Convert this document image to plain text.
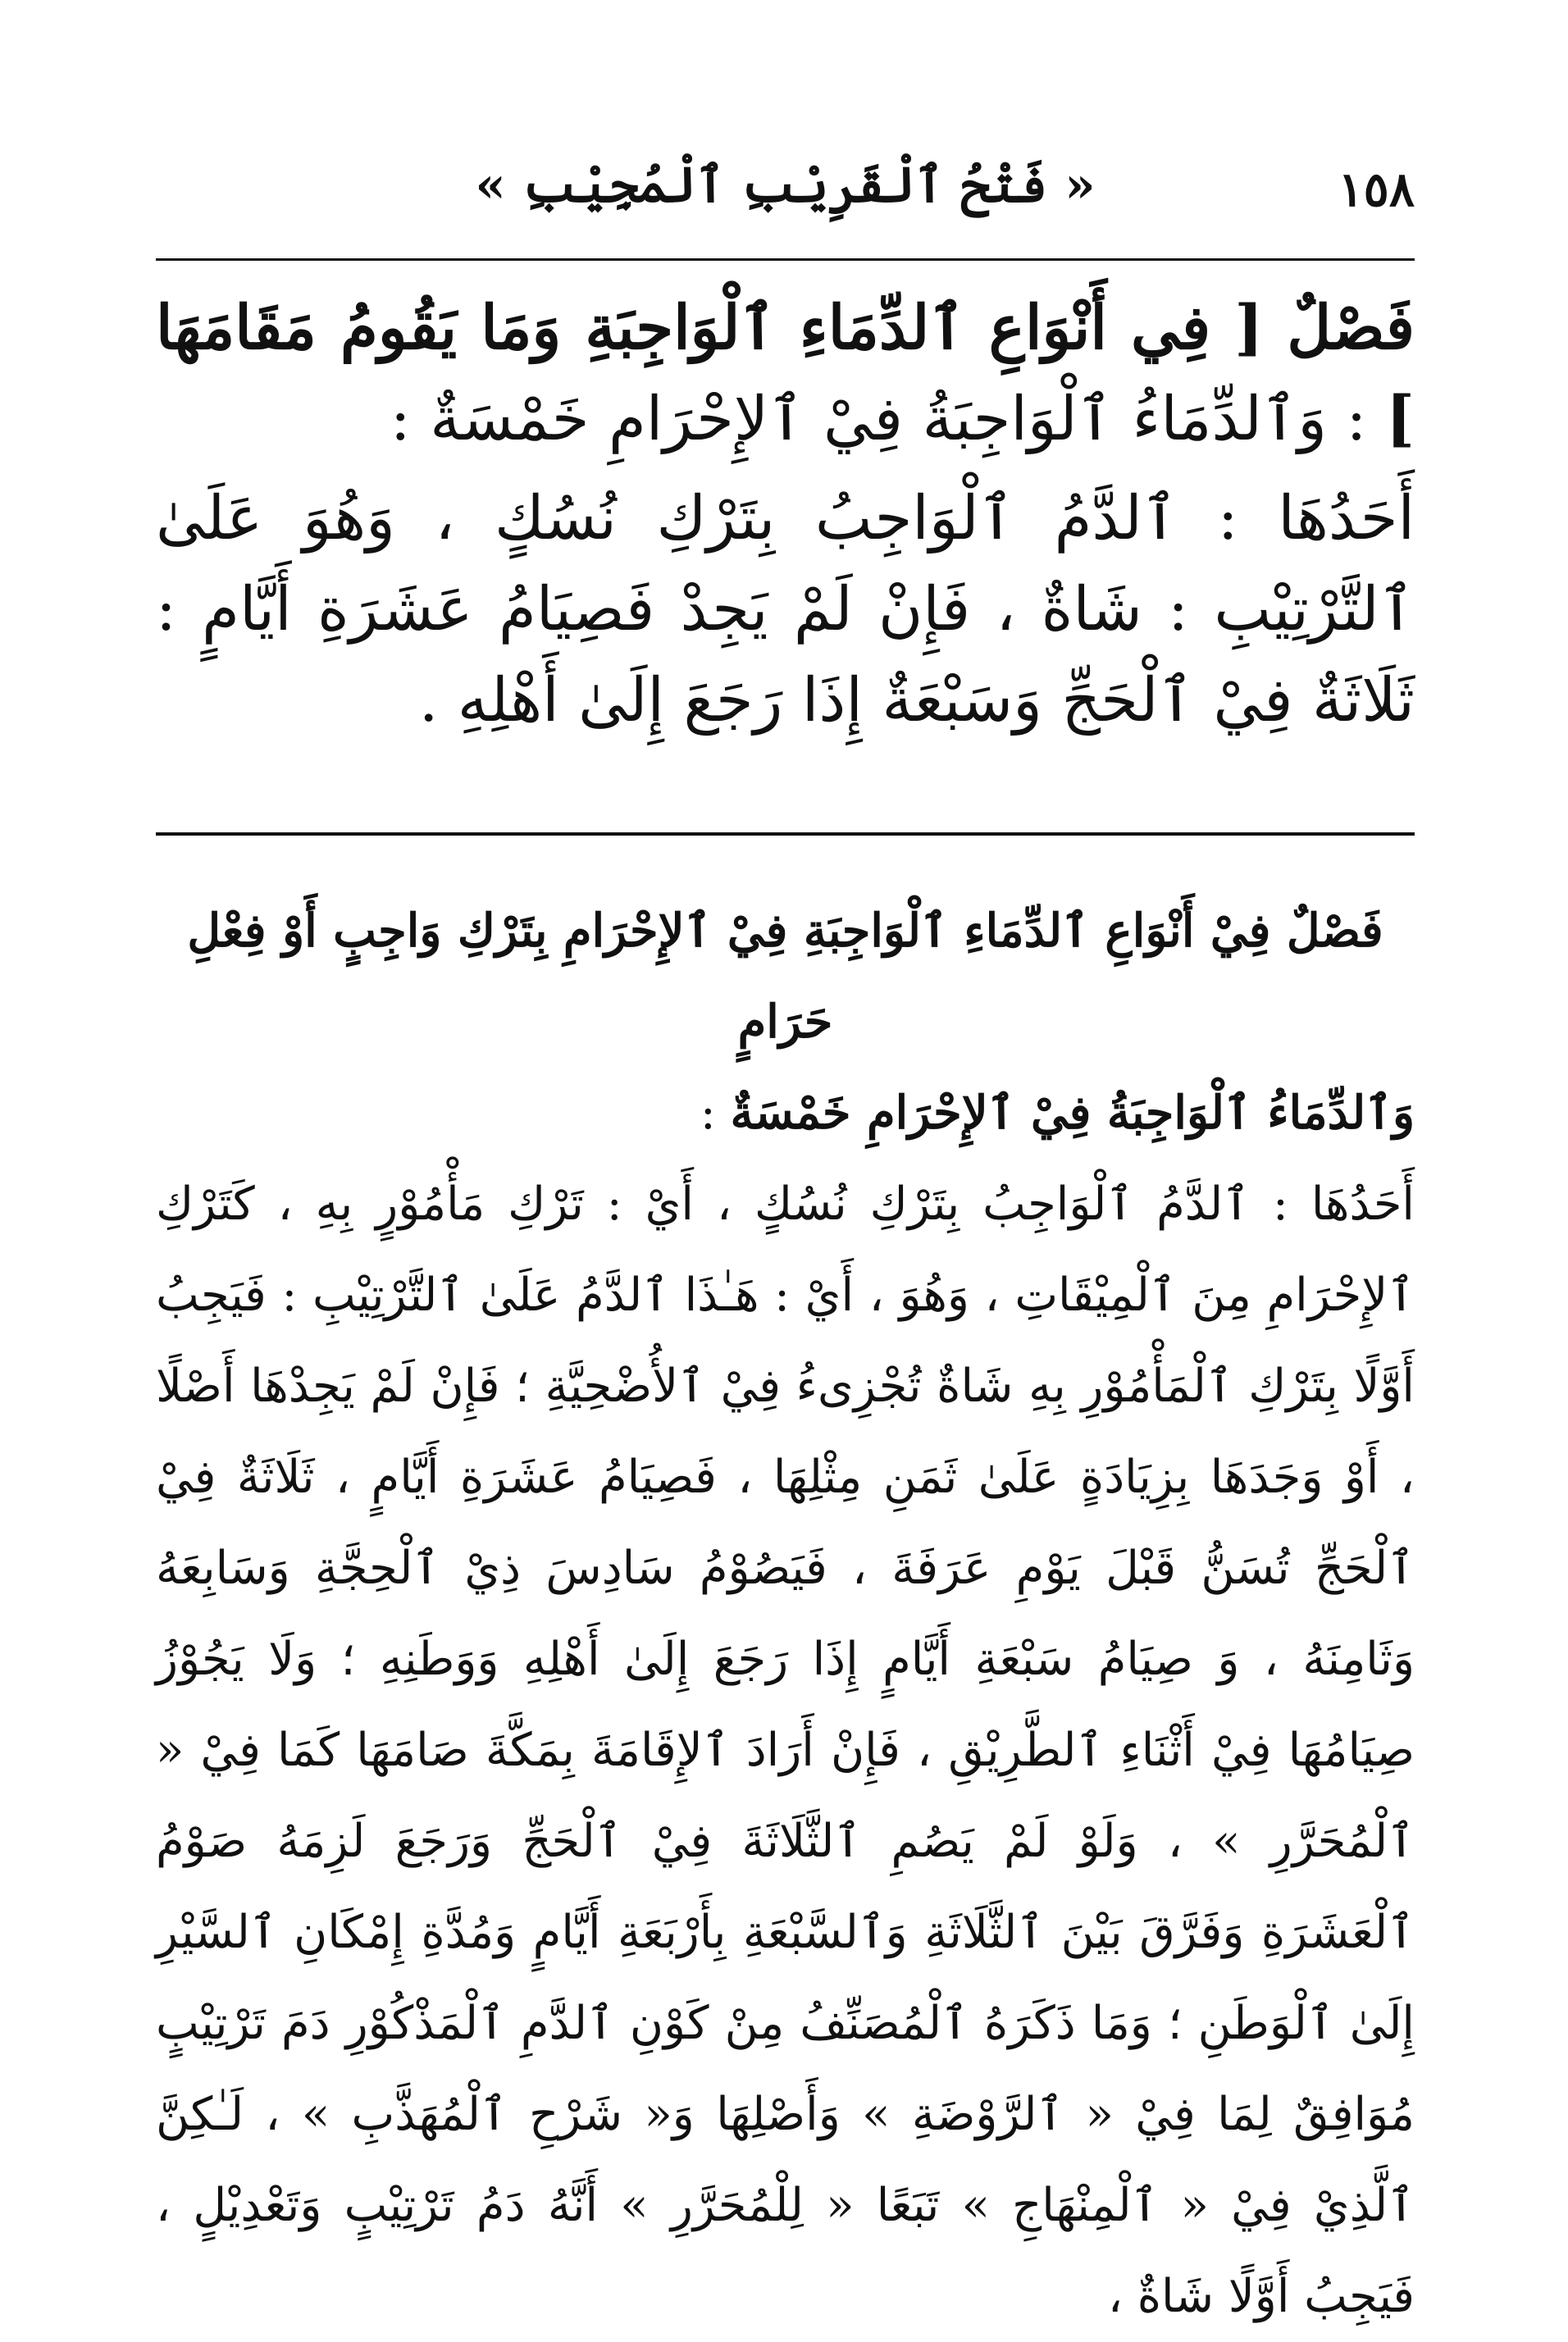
١٥٨
« فَتْحُ ٱلْقَرِيْبِ ٱلْمُجِيْبِ »

فَصْلٌ [ فِي أَنْوَاعِ ٱلدِّمَاءِ ٱلْوَاجِبَةِ وَمَا يَقُومُ مَقَامَهَا ] : وَٱلدِّمَاءُ ٱلْوَاجِبَةُ فِيْ ٱلإِحْرَامِ خَمْسَةٌ :

أَحَدُهَا : ٱلدَّمُ ٱلْوَاجِبُ بِتَرْكِ نُسُكٍ ، وَهُوَ عَلَىٰ ٱلتَّرْتِيْبِ : شَاةٌ ، فَإِنْ لَمْ يَجِدْ فَصِيَامُ عَشَرَةِ أَيَّامٍ : ثَلَاثَةٌ فِيْ ٱلْحَجِّ وَسَبْعَةٌ إِذَا رَجَعَ إِلَىٰ أَهْلِهِ .

فَصْلٌ فِيْ أَنْوَاعِ ٱلدِّمَاءِ ٱلْوَاجِبَةِ فِيْ ٱلإِحْرَامِ بِتَرْكِ وَاجِبٍ أَوْ فِعْلِ حَرَامٍ

وَٱلدِّمَاءُ ٱلْوَاجِبَةُ فِيْ ٱلإِحْرَامِ خَمْسَةٌ :

أَحَدُهَا : ٱلدَّمُ ٱلْوَاجِبُ بِتَرْكِ نُسُكٍ ، أَيْ : تَرْكِ مَأْمُوْرٍ بِهِ ، كَتَرْكِ ٱلإِحْرَامِ مِنَ ٱلْمِيْقَاتِ ، وَهُوَ ، أَيْ : هَـٰذَا ٱلدَّمُ عَلَىٰ ٱلتَّرْتِيْبِ : فَيَجِبُ أَوَّلًا بِتَرْكِ ٱلْمَأْمُوْرِ بِهِ شَاةٌ تُجْزِىءُ فِيْ ٱلأُضْحِيَّةِ ؛ فَإِنْ لَمْ يَجِدْهَا أَصْلًا ، أَوْ وَجَدَهَا بِزِيَادَةٍ عَلَىٰ ثَمَنِ مِثْلِهَا ، فَصِيَامُ عَشَرَةِ أَيَّامٍ ، ثَلَاثَةٌ فِيْ ٱلْحَجِّ تُسَنُّ قَبْلَ يَوْمِ عَرَفَةَ ، فَيَصُوْمُ سَادِسَ ذِيْ ٱلْحِجَّةِ وَسَابِعَهُ وَثَامِنَهُ ، وَ صِيَامُ سَبْعَةِ أَيَّامٍ إِذَا رَجَعَ إِلَىٰ أَهْلِهِ وَوَطَنِهِ ؛ وَلَا يَجُوْزُ صِيَامُهَا فِيْ أَثْنَاءِ ٱلطَّرِيْقِ ، فَإِنْ أَرَادَ ٱلإِقَامَةَ بِمَكَّةَ صَامَهَا كَمَا فِيْ « ٱلْمُحَرَّرِ » ، وَلَوْ لَمْ يَصُمِ ٱلثَّلَاثَةَ فِيْ ٱلْحَجِّ وَرَجَعَ لَزِمَهُ صَوْمُ ٱلْعَشَرَةِ وَفَرَّقَ بَيْنَ ٱلثَّلَاثَةِ وَٱلسَّبْعَةِ بِأَرْبَعَةِ أَيَّامٍ وَمُدَّةِ إِمْكَانِ ٱلسَّيْرِ إِلَىٰ ٱلْوَطَنِ ؛ وَمَا ذَكَرَهُ ٱلْمُصَنِّفُ مِنْ كَوْنِ ٱلدَّمِ ٱلْمَذْكُوْرِ دَمَ تَرْتِيْبٍ مُوَافِقٌ لِمَا فِيْ « ٱلرَّوْضَةِ » وَأَصْلِهَا وَ« شَرْحِ ٱلْمُهَذَّبِ » ، لَـٰكِنَّ ٱلَّذِيْ فِيْ « ٱلْمِنْهَاجِ » تَبَعًا « لِلْمُحَرَّرِ » أَنَّهُ دَمُ تَرْتِيْبٍ وَتَعْدِيْلٍ ، فَيَجِبُ أَوَّلًا شَاةٌ ،
